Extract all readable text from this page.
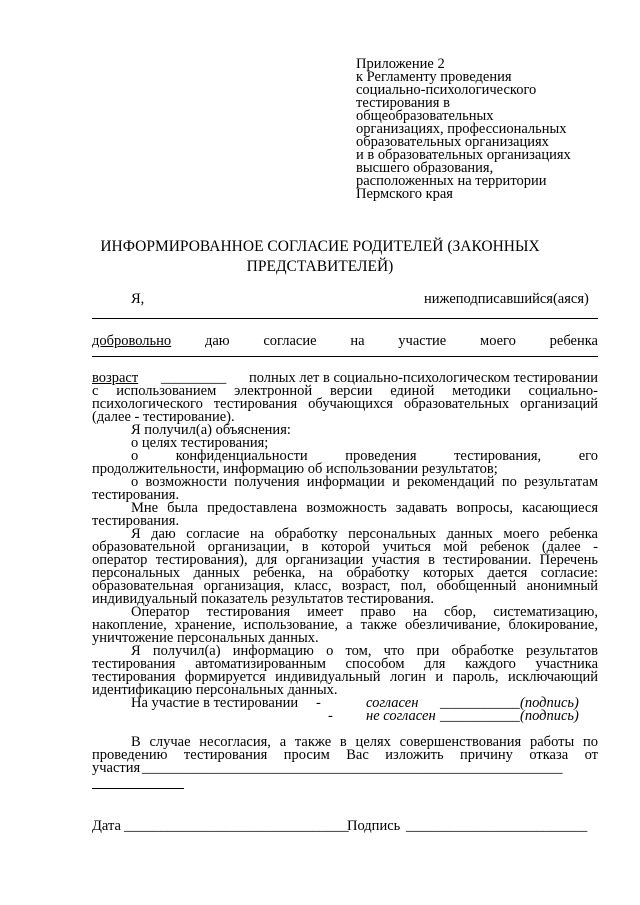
Приложение 2
к Регламенту проведения
социально-психологического
тестирования в
общеобразовательных
организациях, профессиональных
образовательных организациях
и в образовательных организациях
высшего образования,
расположенных на территории
Пермского края
ИНФОРМИРОВАННОЕ СОГЛАСИЕ РОДИТЕЛЕЙ (ЗАКОННЫХ
ПРЕДСТАВИТЕЛЕЙ)
Я,	нижеподписавшийся(аяся)
добровольно даю согласие на участие моего ребенка
возраст _________ полных лет в социально-психологическом тестировании
с использованием электронной версии единой методики социально-
психологического тестирования обучающихся образовательных организаций
(далее - тестирование).
Я получил(а) объяснения:
о целях тестирования;
о	конфиденциальности	проведения	тестирования,	его
продолжительности, информацию об использовании результатов;
о возможности получения информации и рекомендаций по результатам
тестирования.
Мне была предоставлена возможность задавать вопросы, касающиеся
тестирования.
Я даю согласие на обработку персональных данных моего ребенка
образовательной организации, в которой учиться мой ребенок (далее -
оператор тестирования), для организации участия в тестировании. Перечень
персональных данных ребенка, на обработку которых дается согласие:
образовательная организация, класс, возраст, пол, обобщенный анонимный
индивидуальный показатель результатов тестирования.
Оператор тестирования имеет право на сбор, систематизацию,
накопление, хранение, использование, а также обезличивание, блокирование,
уничтожение персональных данных.
Я получил(а) информацию о том, что при обработке результатов
тестирования автоматизированным способом для каждого участника
тестирования формируется индивидуальный логин и пароль, исключающий
идентификацию персональных данных.
На участие в тестировании -	согласен ___________ (подпись)
- не согласен ___________ (подпись)
В случае несогласия, а также в целях совершенствования работы по
проведению тестирования просим Вас изложить причину отказа от
участия __________________________________________________________
Дата _______________________________
Подпись _________________________
